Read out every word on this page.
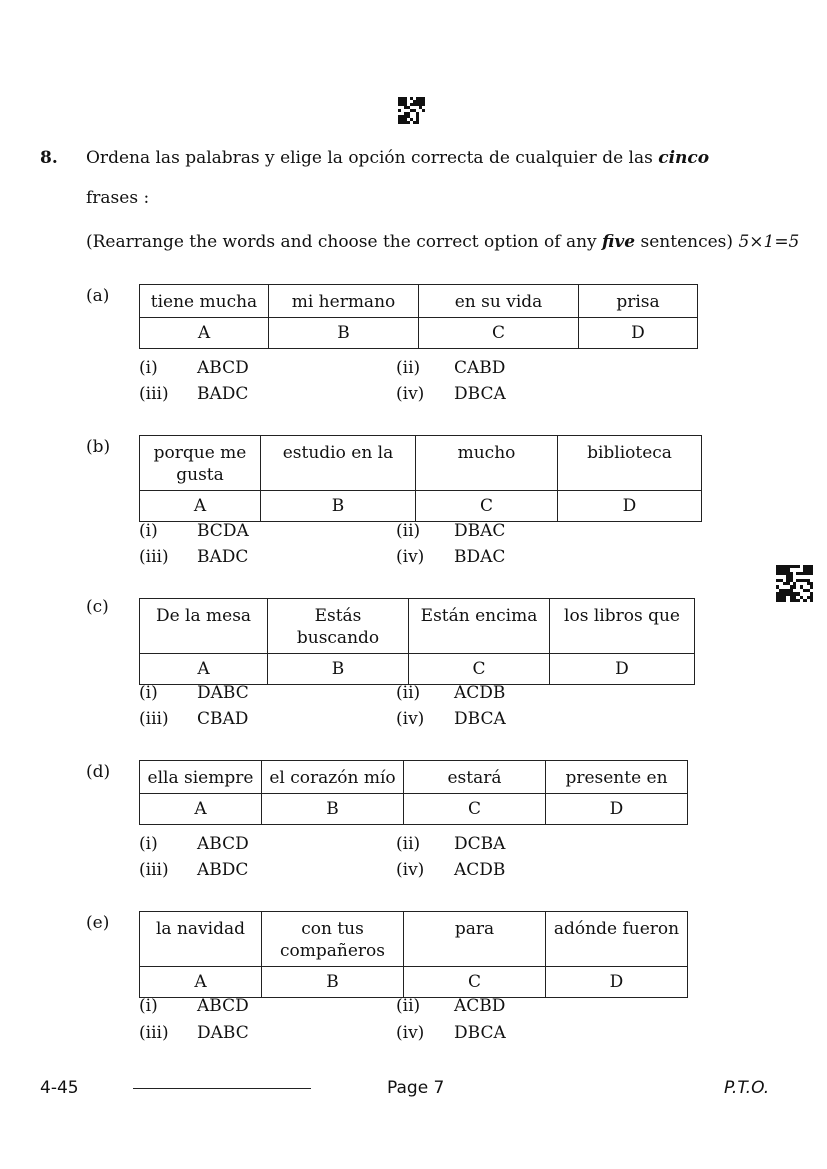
8. Ordena las palabras y elige la opción correcta de cualquier de las cinco
frases :
(Rearrange the words and choose the correct option of any five sentences) 5×1=5
(a) tiene mucha	mi hermano	en su vida	prisa
A	B	C	D
(i) ABCD	(ii) CABD
(iii) BADC	(iv) DBCA
(b)	porque me gusta	estudio en la	mucho	biblioteca
A	B	C	D
(i) BCDA	(ii) DBAC
(iii) BADC	(iv) BDAC
(c)	De la mesa	Estás buscando	Están encima	los libros que
A	B	C	D
(i) DABC	(ii) ACDB
(iii) CBAD	(iv) DBCA
(d) ella siempre	el corazón mío	estará	presente en
A	B	C	D
(i) ABCD	(ii) DCBA
(iii) ABDC	(iv) ACDB
(e)	la navidad	con tus compañeros	para	adónde fueron
A	B	C	D
(i) ABCD	(ii) ACBD
(iii) DABC	(iv) DBCA
4-45	Page 7	P.T.O.
